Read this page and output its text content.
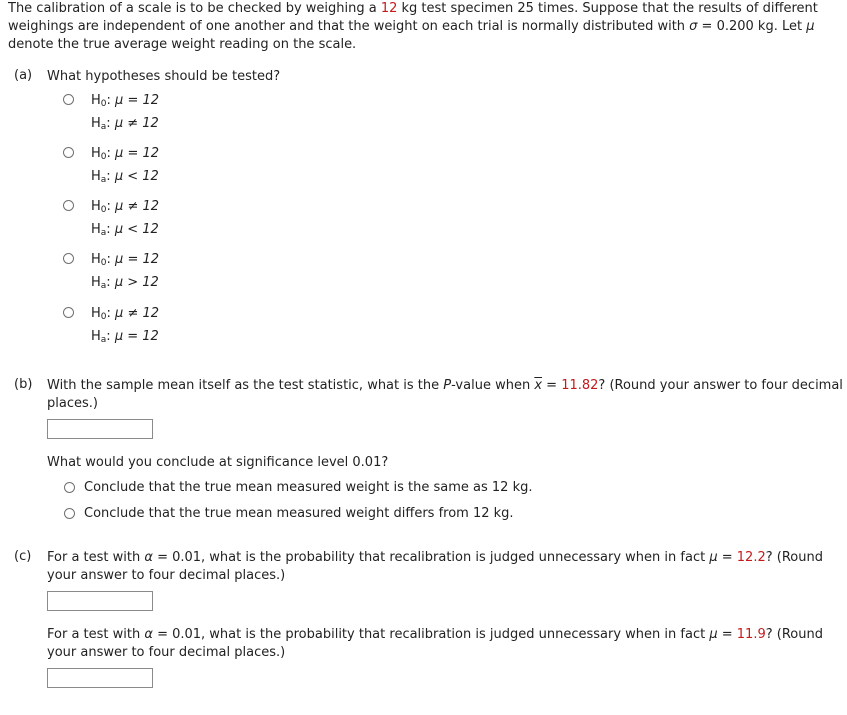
The calibration of a scale is to be checked by weighing a 12 kg test specimen 25 times. Suppose that the results of different weighings are independent of one another and that the weight on each trial is normally distributed with σ = 0.200 kg. Let μ denote the true average weight reading on the scale.
(a) What hypotheses should be tested?
$H_0$: μ = 12
$H_a$: μ ≠ 12
$H_0$: μ = 12
$H_a$: μ < 12
$H_0$: μ ≠ 12
$H_a$: μ < 12
$H_0$: μ = 12
$H_a$: μ > 12
$H_0$: μ ≠ 12
$H_a$: μ = 12
(b) With the sample mean itself as the test statistic, what is the P-value when $\overline{x} = 11.82$? (Round your answer to four decimal places.)
What would you conclude at significance level 0.01?
Conclude that the true mean measured weight is the same as 12 kg.
Conclude that the true mean measured weight differs from 12 kg.
(c) For a test with α = 0.01, what is the probability that recalibration is judged unnecessary when in fact μ = 12.2? (Round your answer to four decimal places.)
For a test with α = 0.01, what is the probability that recalibration is judged unnecessary when in fact μ = 11.9? (Round your answer to four decimal places.)
